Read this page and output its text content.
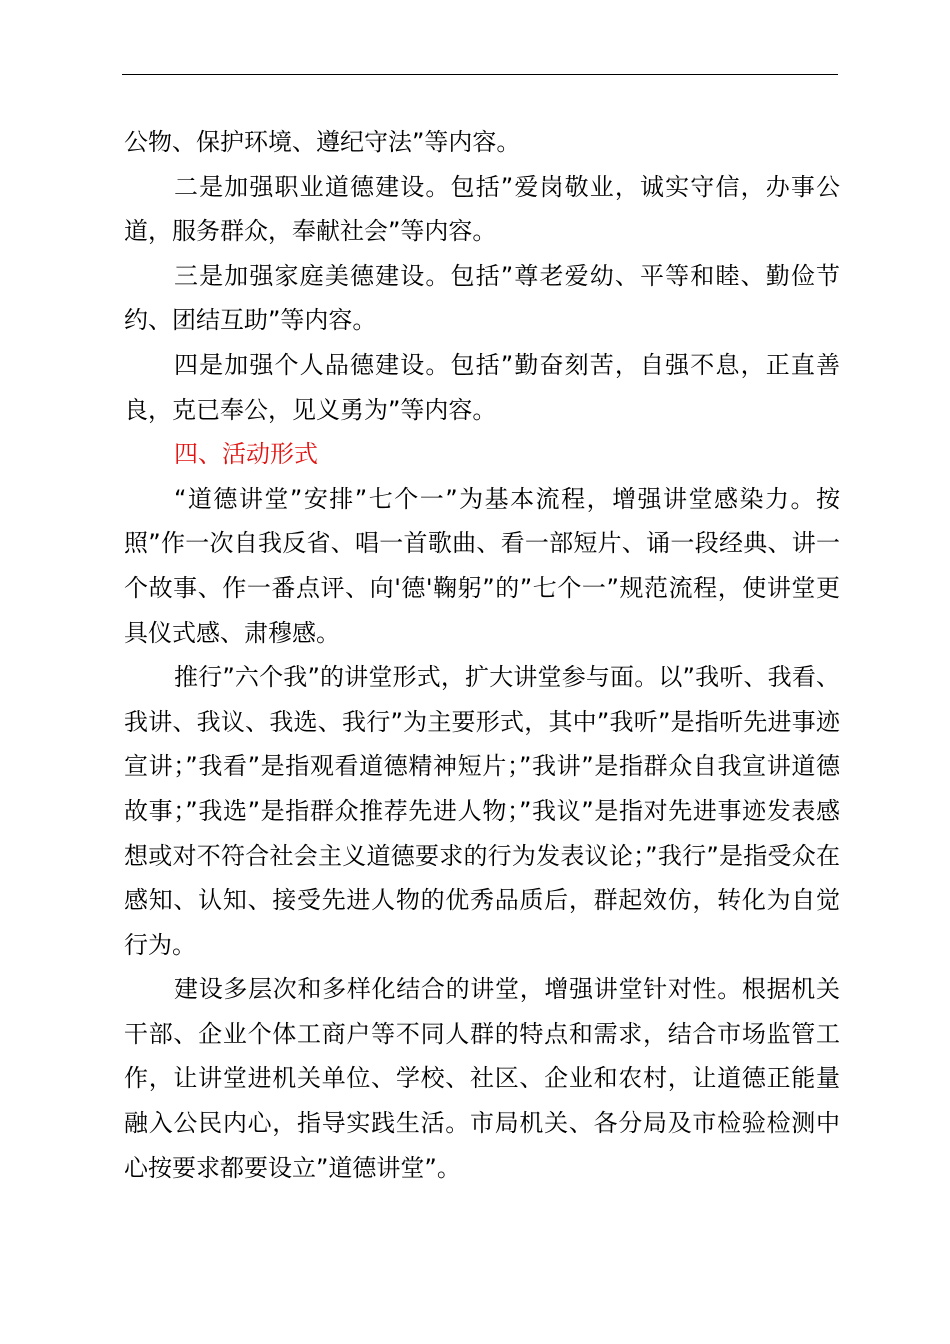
公物、保护环境、遵纪守法”等内容。

二是加强职业道德建设。包括”爱岗敬业，诚实守信，办事公道，服务群众，奉献社会”等内容。

三是加强家庭美德建设。包括”尊老爱幼、平等和睦、勤俭节约、团结互助”等内容。

四是加强个人品德建设。包括”勤奋刻苦，自强不息，正直善良，克已奉公，见义勇为”等内容。

四、活动形式

“道德讲堂”安排”七个一”为基本流程，增强讲堂感染力。按照”作一次自我反省、唱一首歌曲、看一部短片、诵一段经典、讲一个故事、作一番点评、向'德'鞠躬”的”七个一”规范流程，使讲堂更具仪式感、肃穆感。

推行”六个我”的讲堂形式，扩大讲堂参与面。以”我听、我看、我讲、我议、我选、我行”为主要形式，其中”我听”是指听先进事迹宣讲；”我看”是指观看道德精神短片；”我讲”是指群众自我宣讲道德故事；”我选”是指群众推荐先进人物；”我议”是指对先进事迹发表感想或对不符合社会主义道德要求的行为发表议论；”我行”是指受众在感知、认知、接受先进人物的优秀品质后，群起效仿，转化为自觉行为。

建设多层次和多样化结合的讲堂，增强讲堂针对性。根据机关干部、企业个体工商户等不同人群的特点和需求，结合市场监管工作，让讲堂进机关单位、学校、社区、企业和农村，让道德正能量融入公民内心，指导实践生活。市局机关、各分局及市检验检测中心按要求都要设立”道德讲堂”。
